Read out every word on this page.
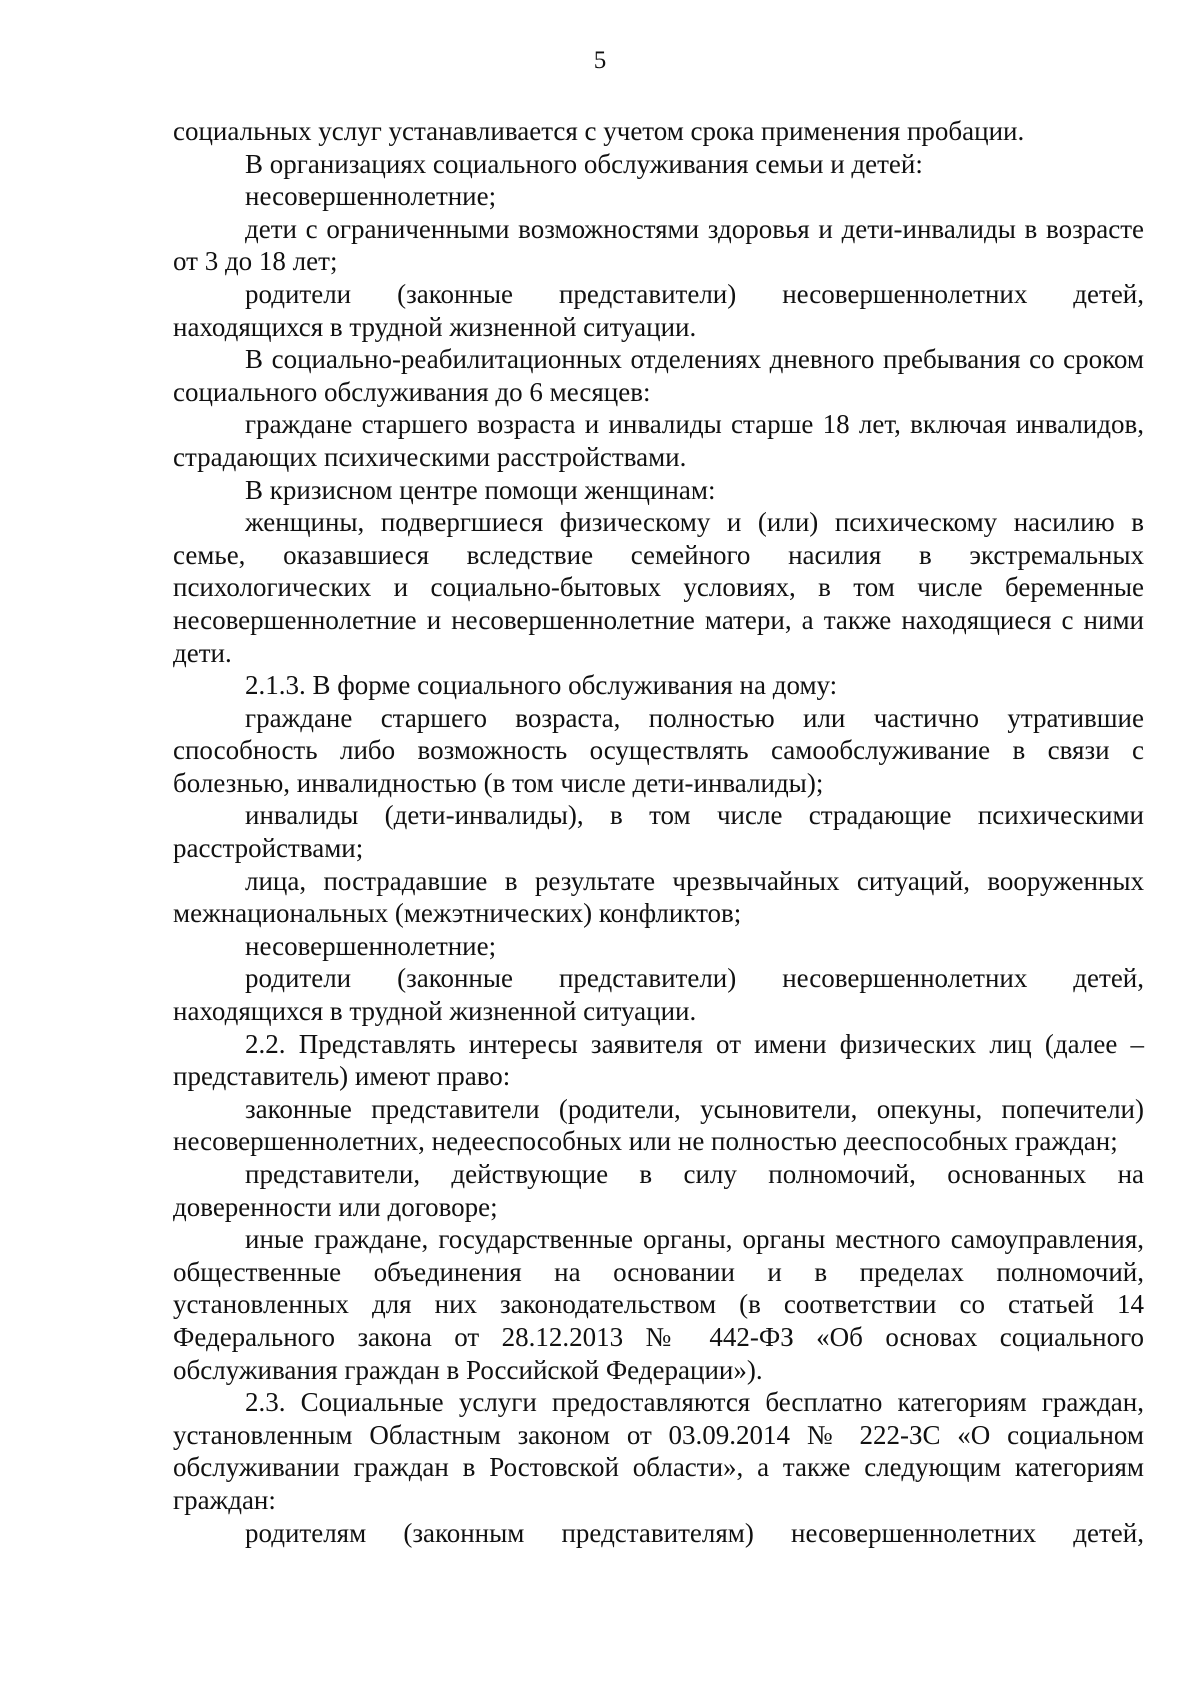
5

социальных услуг устанавливается с учетом срока применения пробации.

В организациях социального обслуживания семьи и детей:

несовершеннолетние;

дети с ограниченными возможностями здоровья и дети-инвалиды в возрасте от 3 до 18 лет;

родители (законные представители) несовершеннолетних детей, находящихся в трудной жизненной ситуации.

В социально-реабилитационных отделениях дневного пребывания со сроком социального обслуживания до 6 месяцев:

граждане старшего возраста и инвалиды старше 18 лет, включая инвалидов, страдающих психическими расстройствами.

В кризисном центре помощи женщинам:

женщины, подвергшиеся физическому и (или) психическому насилию в семье, оказавшиеся вследствие семейного насилия в экстремальных психологических и социально-бытовых условиях, в том числе беременные несовершеннолетние и несовершеннолетние матери, а также находящиеся с ними дети.

2.1.3. В форме социального обслуживания на дому:

граждане старшего возраста, полностью или частично утратившие способность либо возможность осуществлять самообслуживание в связи с болезнью, инвалидностью (в том числе дети-инвалиды);

инвалиды (дети-инвалиды), в том числе страдающие психическими расстройствами;

лица, пострадавшие в результате чрезвычайных ситуаций, вооруженных межнациональных (межэтнических) конфликтов;

несовершеннолетние;

родители (законные представители) несовершеннолетних детей, находящихся в трудной жизненной ситуации.

2.2. Представлять интересы заявителя от имени физических лиц (далее – представитель) имеют право:

законные представители (родители, усыновители, опекуны, попечители) несовершеннолетних, недееспособных или не полностью дееспособных граждан;

представители, действующие в силу полномочий, основанных на доверенности или договоре;

иные граждане, государственные органы, органы местного самоуправления, общественные объединения на основании и в пределах полномочий, установленных для них законодательством (в соответствии со статьей 14 Федерального закона от 28.12.2013 № 442-ФЗ «Об основах социального обслуживания граждан в Российской Федерации»).

2.3. Социальные услуги предоставляются бесплатно категориям граждан, установленным Областным законом от 03.09.2014 № 222-ЗС «О социальном обслуживании граждан в Ростовской области», а также следующим категориям граждан:

родителям (законным представителям) несовершеннолетних детей,
